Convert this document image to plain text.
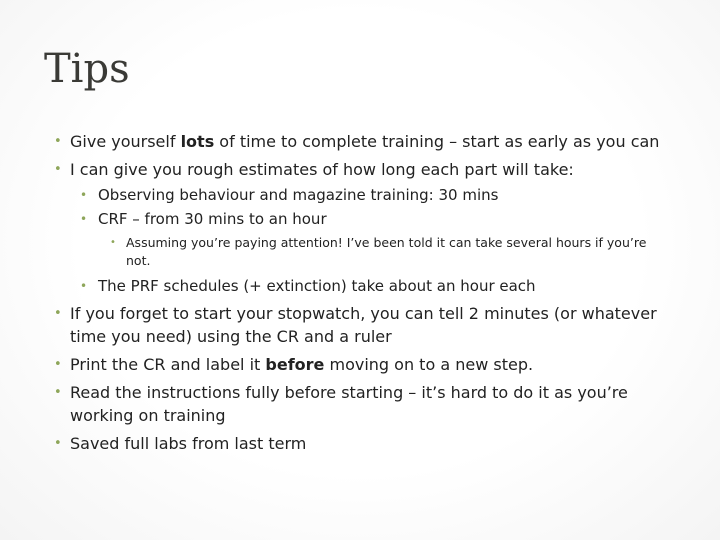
Tips
• Give yourself lots of time to complete training – start as early as you can
• I can give you rough estimates of how long each part will take:
• Observing behaviour and magazine training: 30 mins
• CRF – from 30 mins to an hour
• Assuming you’re paying attention! I’ve been told it can take several hours if you’re not.
• The PRF schedules (+ extinction) take about an hour each
• If you forget to start your stopwatch, you can tell 2 minutes (or whatever time you need) using the CR and a ruler
• Print the CR and label it before moving on to a new step.
• Read the instructions fully before starting – it’s hard to do it as you’re working on training
• Saved full labs from last term
